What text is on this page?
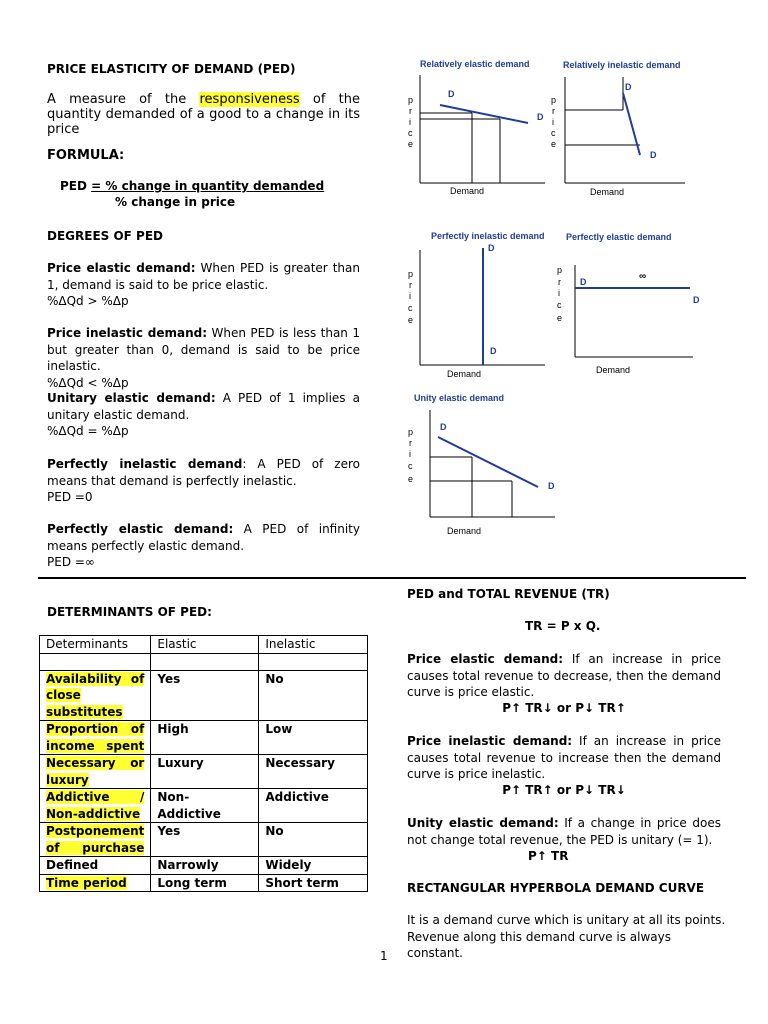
PRICE ELASTICITY OF DEMAND (PED)
A measure of the responsiveness of the quantity demanded of a good to a change in its price
FORMULA:
PED = % change in quantity demanded
% change in price
DEGREES OF PED
Price elastic demand: When PED is greater than 1, demand is said to be price elastic.
%ΔQd > %Δp
Price inelastic demand: When PED is less than 1 but greater than 0, demand is said to be price inelastic.
%ΔQd < %Δp
Unitary elastic demand: A PED of 1 implies a unitary elastic demand.
%ΔQd = %Δp
Perfectly inelastic demand: A PED of zero means that demand is perfectly inelastic.
PED =0
Perfectly elastic demand: A PED of infinity means perfectly elastic demand.
PED =∞
Relatively elastic demand	Relatively inelastic demand
Perfectly inelastic demand Perfectly elastic demand
Unity elastic demand
D
D
Demand
p r i c e
D
D
Demand
p r i c e
D
D
Demand
p r i c e
D
D
∞
Demand
p r i c e
D
D
Demand
p r i c e
DETERMINANTS OF PED:
Determinants	Elastic	Inelastic

Availability of close substitutes	Yes	No
Proportion of income spent	High	Low
Necessary or luxury	Luxury	Necessary
Addictive / Non-addictive	Non-Addictive	Addictive
Postponement of purchase	Yes	No
Defined	Narrowly	Widely
Time period	Long term	Short term
PED and TOTAL REVENUE (TR)
TR = P x Q.
Price elastic demand: If an increase in price causes total revenue to decrease, then the demand curve is price elastic.
P↑ TR↓ or P↓ TR↑
Price inelastic demand: If an increase in price causes total revenue to increase then the demand curve is price inelastic.
P↑ TR↑ or P↓ TR↓
Unity elastic demand: If a change in price does not change total revenue, the PED is unitary (= 1).
P↑ TR
RECTANGULAR HYPERBOLA DEMAND CURVE
It is a demand curve which is unitary at all its points. Revenue along this demand curve is always constant.
1
